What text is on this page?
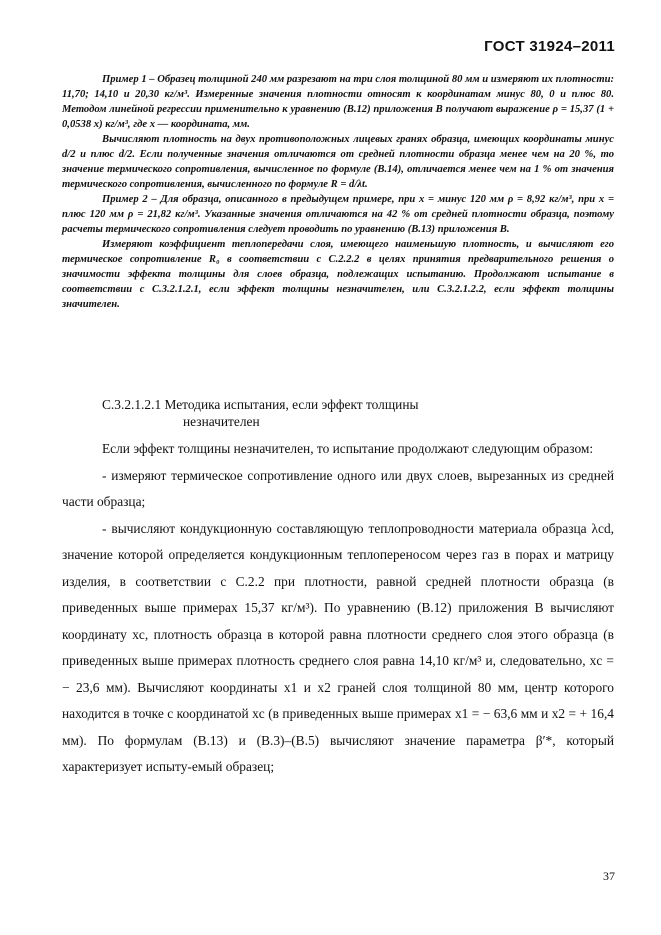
ГОСТ 31924–2011

Пример 1 – Образец толщиной 240 мм разрезают на три слоя толщиной 80 мм и измеряют их плотности: 11,70; 14,10 и 20,30 кг/м³. Измеренные значения плотности относят к координатам минус 80, 0 и плюс 80. Методом линейной регрессии применительно к уравнению (B.12) приложения В получают выражение ρ = 15,37 (1 + 0,0538 x) кг/м³, где x — координата, мм.

Вычисляют плотность на двух противоположных лицевых гранях образца, имеющих координаты минус d/2 и плюс d/2. Если полученные значения отличаются от средней плотности образца менее чем на 20 %, то значение термического сопротивления, вычисленное по формуле (B.14), отличается менее чем на 1 % от значения термического сопротивления, вычисленного по формуле R = d/λt.

Пример 2 – Для образца, описанного в предыдущем примере, при x = минус 120 мм ρ = 8,92 кг/м³, при x = плюс 120 мм ρ = 21,82 кг/м³. Указанные значения отличаются на 42 % от средней плотности образца, поэтому расчеты термического сопротивления следует проводить по уравнению (B.13) приложения B.

Измеряют коэффициент теплопередачи слоя, имеющего наименьшую плотность, и вычисляют его термическое сопротивление R₀ в соответствии с С.2.2.2 в целях принятия предварительного решения о значимости эффекта толщины для слоев образца, подлежащих испытанию. Продолжают испытание в соответствии с С.3.2.1.2.1, если эффект толщины незначителен, или С.3.2.1.2.2, если эффект толщины значителен.

С.3.2.1.2.1 Методика испытания, если эффект толщины
незначителен

Если эффект толщины незначителен, то испытание продолжают следующим образом:

- измеряют термическое сопротивление одного или двух слоев, вырезанных из средней части образца;

- вычисляют кондукционную составляющую теплопроводности материала образца λcd, значение которой определяется кондукционным теплопереносом через газ в порах и матрицу изделия, в соответствии с С.2.2 при плотности, равной средней плотности образца (в приведенных выше примерах 15,37 кг/м³). По уравнению (B.12) приложения В вычисляют координату xc, плотность образца в которой равна плотности среднего слоя этого образца (в приведенных выше примерах плотность среднего слоя равна 14,10 кг/м³ и, следовательно, xc = − 23,6 мм). Вычисляют координаты x1 и x2 граней слоя толщиной 80 мм, центр которого находится в точке с координатой xc (в приведенных выше примерах x1 = − 63,6 мм и x2 = + 16,4 мм). По формулам (B.13) и (B.3)–(B.5) вычисляют значение параметра β′*, который характеризует испыту-емый образец;

37
